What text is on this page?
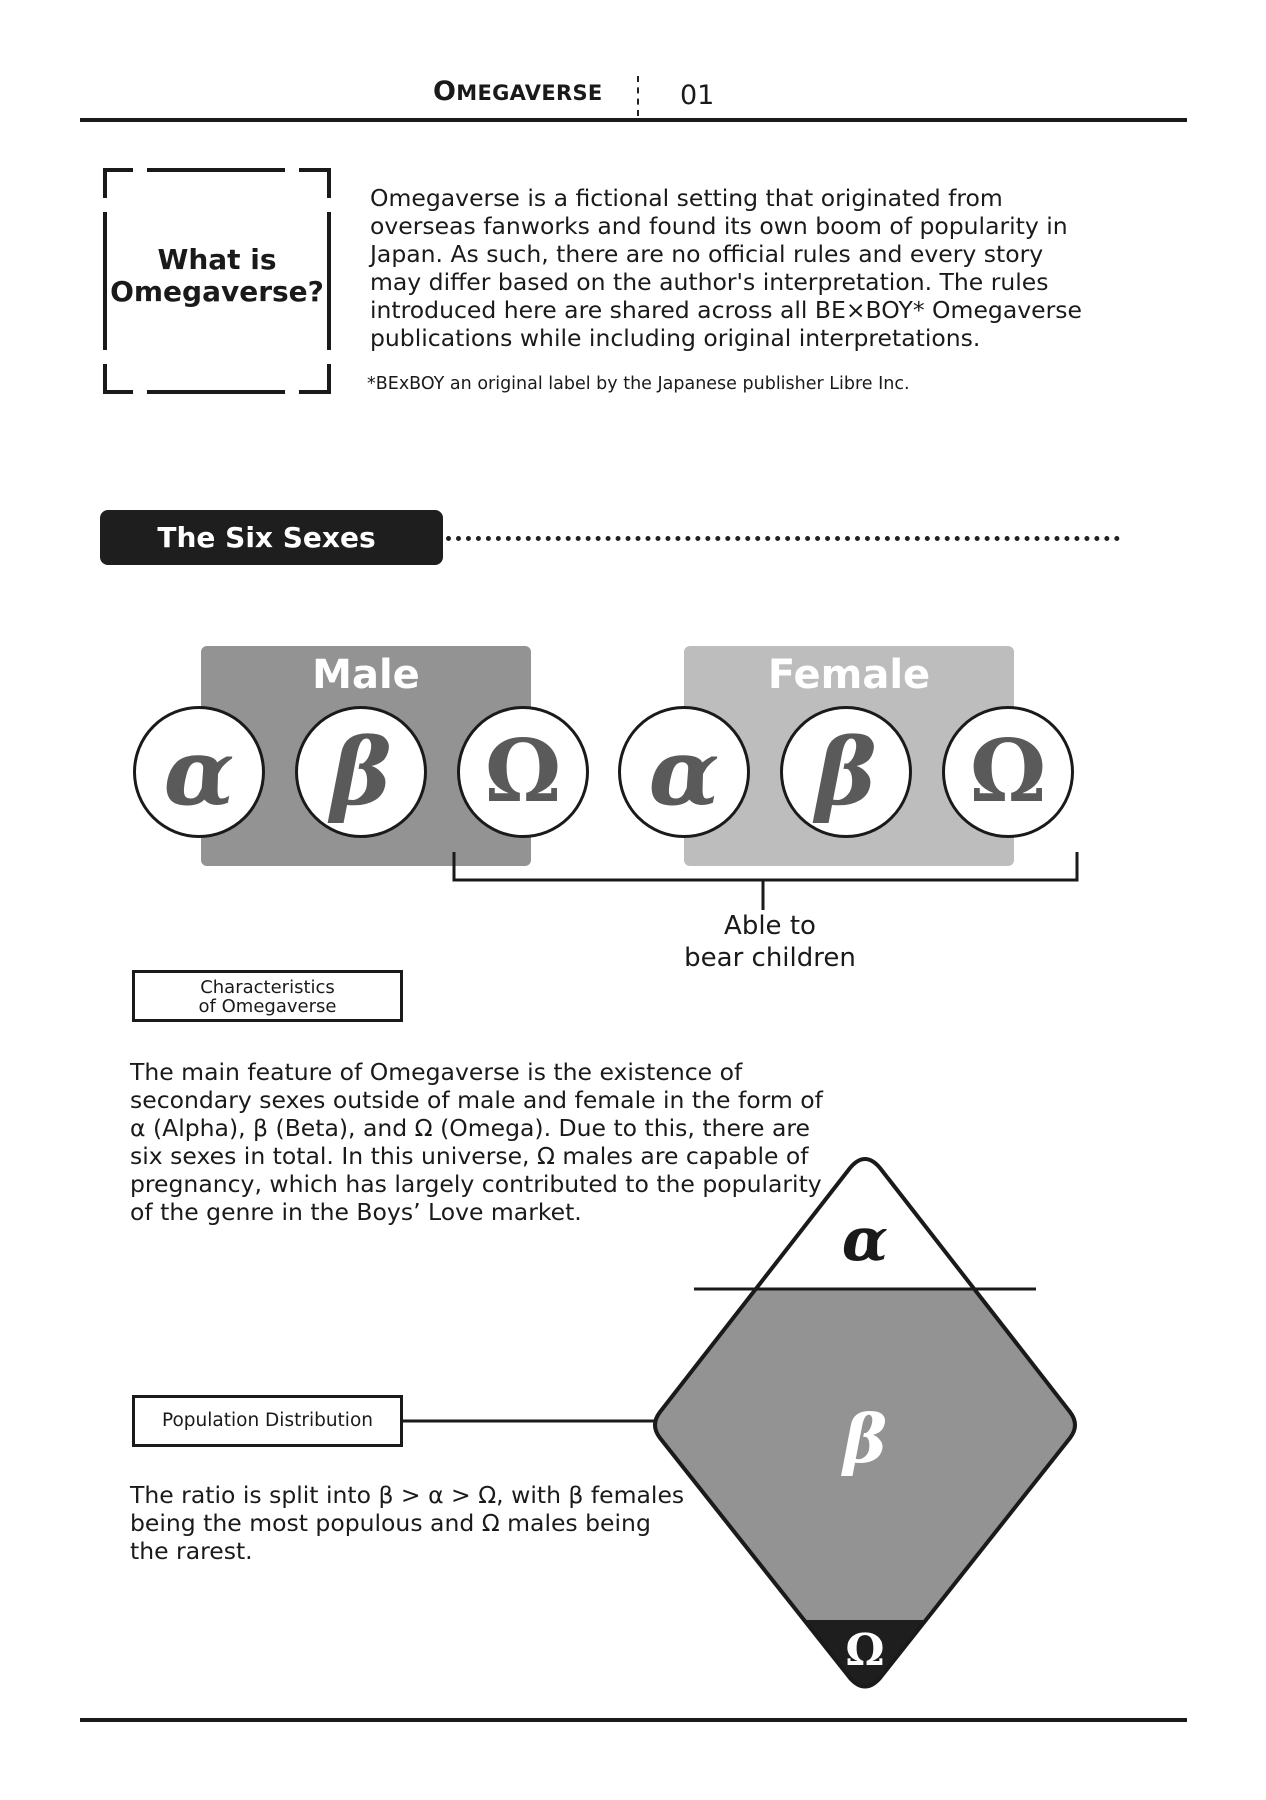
OMEGAVERSE	01
What is
Omegaverse?
Omegaverse is a fictional setting that originated from overseas fanworks and found its own boom of popularity in Japan. As such, there are no official rules and every story may differ based on the author's interpretation. The rules introduced here are shared across all BE×BOY* Omegaverse publications while including original interpretations.
*BExBOY an original label by the Japanese publisher Libre Inc.
The Six Sexes
Male	Female
α	β	Ω α	β	Ω
Able to
bear children
Characteristics
of Omegaverse
The main feature of Omegaverse is the existence of secondary sexes outside of male and female in the form of α (Alpha), β (Beta), and Ω (Omega). Due to this, there are six sexes in total. In this universe, Ω males are capable of pregnancy, which has largely contributed to the popularity of the genre in the Boys’ Love market.
Population Distribution
The ratio is split into β > α > Ω, with β females being the most populous and Ω males being the rarest.
α
β
Ω
